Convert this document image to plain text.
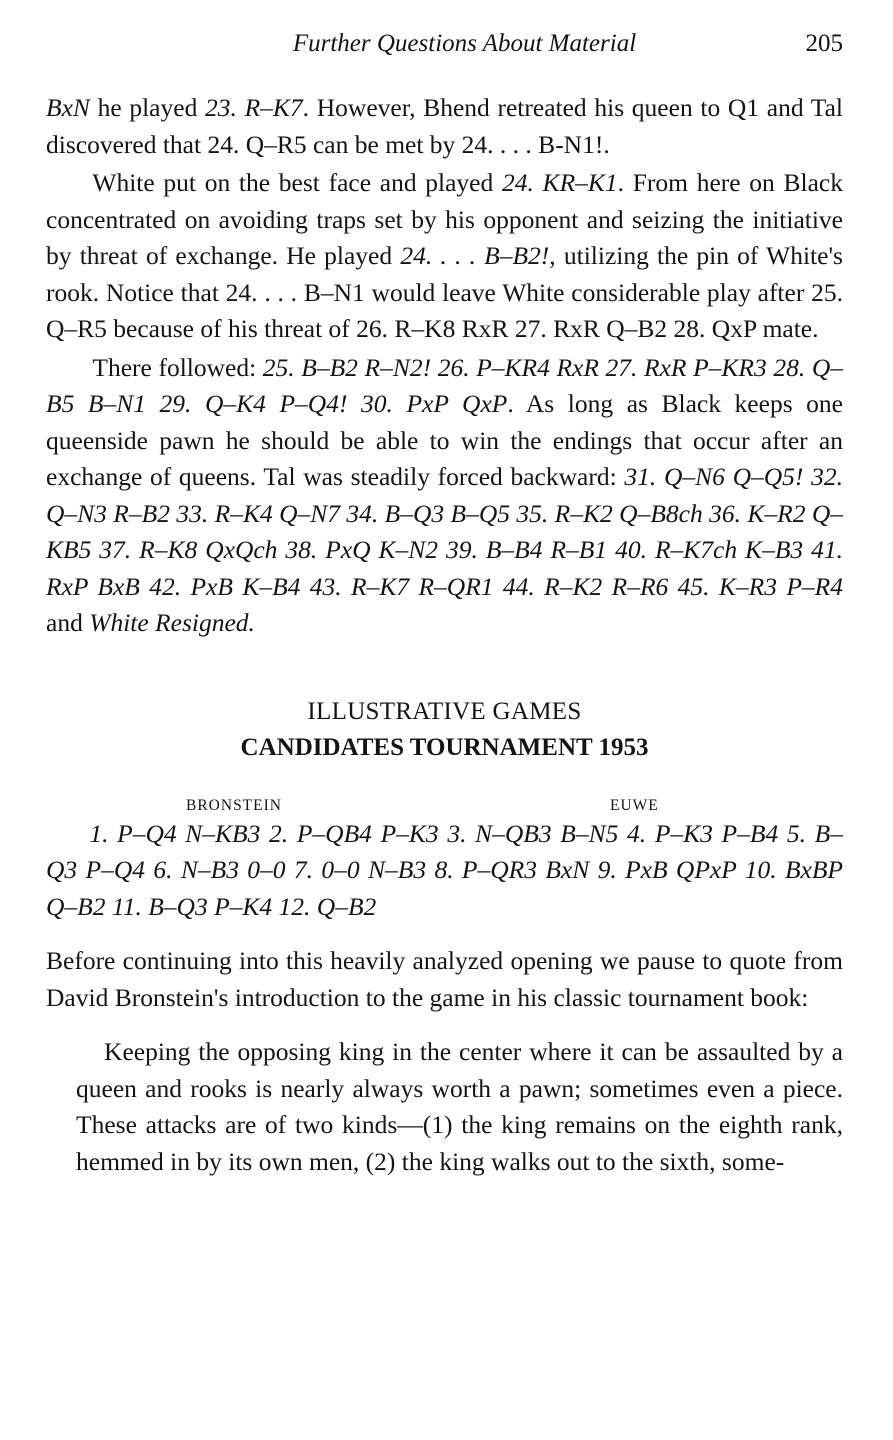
Further Questions About Material	205

BxN he played 23. R–K7. However, Bhend retreated his queen to Q1 and Tal discovered that 24. Q–R5 can be met by 24. . . . B-N1!.

White put on the best face and played 24. KR–K1. From here on Black concentrated on avoiding traps set by his opponent and seizing the initiative by threat of exchange. He played 24. . . . B–B2!, utilizing the pin of White's rook. Notice that 24. . . . B–N1 would leave White considerable play after 25. Q–R5 because of his threat of 26. R–K8 RxR 27. RxR Q–B2 28. QxP mate.

There followed: 25. B–B2 R–N2! 26. P–KR4 RxR 27. RxR P–KR3 28. Q–B5 B–N1 29. Q–K4 P–Q4! 30. PxP QxP. As long as Black keeps one queenside pawn he should be able to win the endings that occur after an exchange of queens. Tal was steadily forced backward: 31. Q–N6 Q–Q5! 32. Q–N3 R–B2 33. R–K4 Q–N7 34. B–Q3 B–Q5 35. R–K2 Q–B8ch 36. K–R2 Q–KB5 37. R–K8 QxQch 38. PxQ K–N2 39. B–B4 R–B1 40. R–K7ch K–B3 41. RxP BxB 42. PxB K–B4 43. R–K7 R–QR1 44. R–K2 R–R6 45. K–R3 P–R4 and White Resigned.

ILLUSTRATIVE GAMES
CANDIDATES TOURNAMENT 1953
BRONSTEIN	EUWE

1. P–Q4 N–KB3 2. P–QB4 P–K3 3. N–QB3 B–N5 4. P–K3 P–B4 5. B–Q3 P–Q4 6. N–B3 0–0 7. 0–0 N–B3 8. P–QR3 BxN 9. PxB QPxP 10. BxBP Q–B2 11. B–Q3 P–K4 12. Q–B2

Before continuing into this heavily analyzed opening we pause to quote from David Bronstein's introduction to the game in his classic tournament book:

Keeping the opposing king in the center where it can be assaulted by a queen and rooks is nearly always worth a pawn; sometimes even a piece. These attacks are of two kinds—(1) the king remains on the eighth rank, hemmed in by its own men, (2) the king walks out to the sixth, some-
